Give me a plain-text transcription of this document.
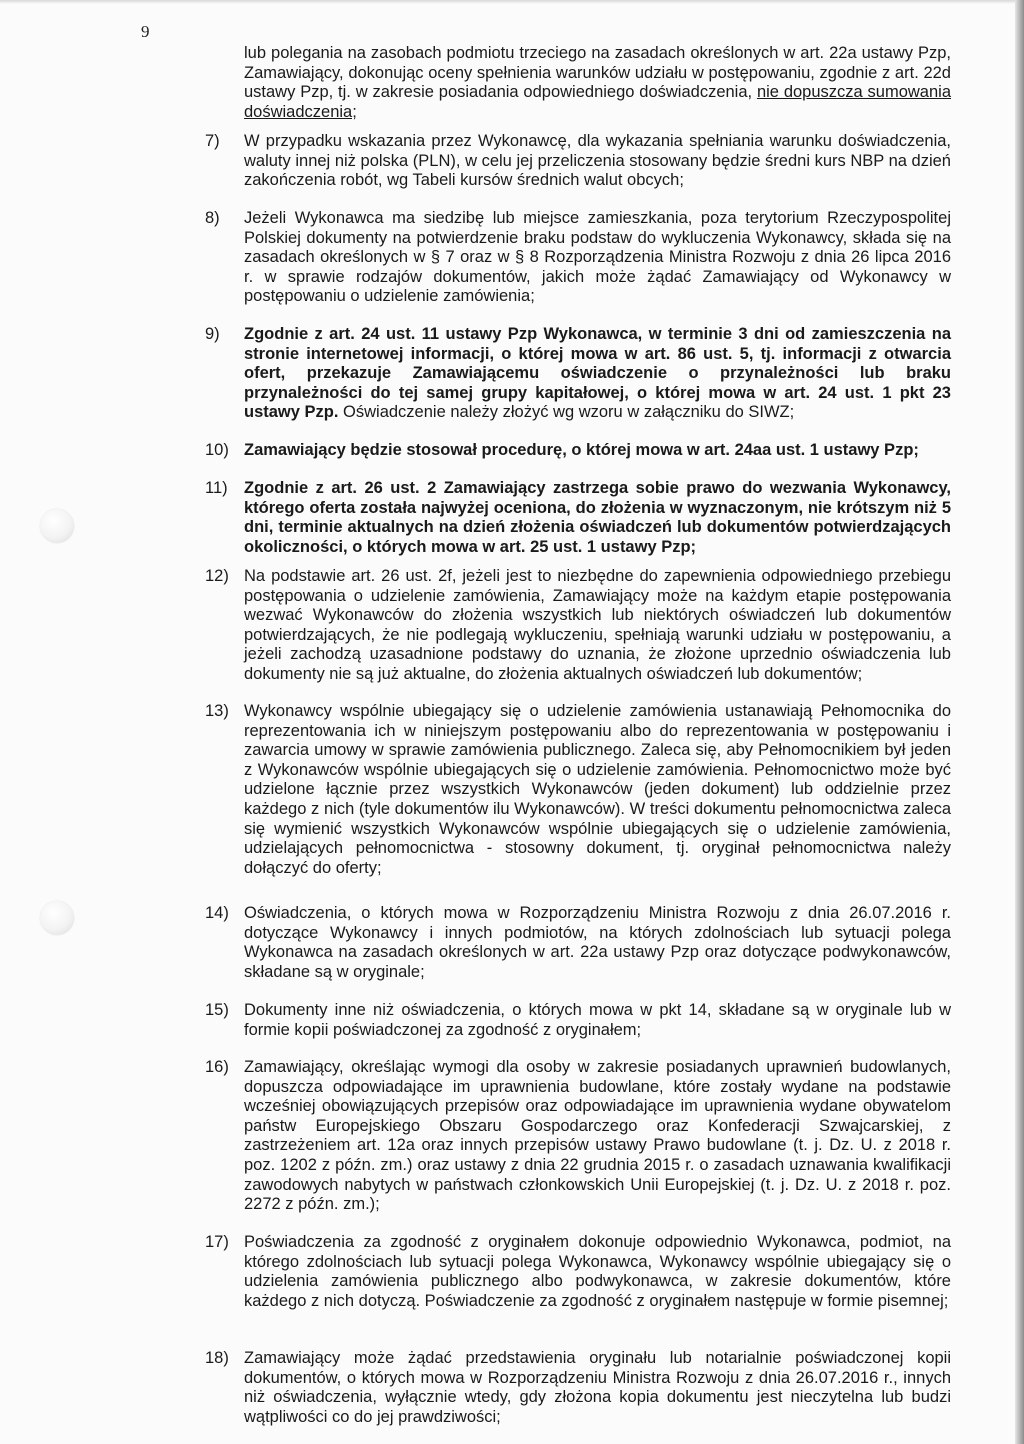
9
lub polegania na zasobach podmiotu trzeciego na zasadach określonych w art. 22a ustawy Pzp, Zamawiający, dokonując oceny spełnienia warunków udziału w postępowaniu, zgodnie z art. 22d ustawy Pzp, tj. w zakresie posiadania odpowiedniego doświadczenia, nie dopuszcza sumowania doświadczenia;
7)	W przypadku wskazania przez Wykonawcę, dla wykazania spełniania warunku doświadczenia, waluty innej niż polska (PLN), w celu jej przeliczenia stosowany będzie średni kurs NBP na dzień zakończenia robót, wg Tabeli kursów średnich walut obcych;
8)	Jeżeli Wykonawca ma siedzibę lub miejsce zamieszkania, poza terytorium Rzeczypospolitej Polskiej dokumenty na potwierdzenie braku podstaw do wykluczenia Wykonawcy, składa się na zasadach określonych w § 7 oraz w § 8 Rozporządzenia Ministra Rozwoju z dnia 26 lipca 2016 r. w sprawie rodzajów dokumentów, jakich może żądać Zamawiający od Wykonawcy w postępowaniu o udzielenie zamówienia;
9)	Zgodnie z art. 24 ust. 11 ustawy Pzp Wykonawca, w terminie 3 dni od zamieszczenia na stronie internetowej informacji, o której mowa w art. 86 ust. 5, tj. informacji z otwarcia ofert, przekazuje Zamawiającemu oświadczenie o przynależności lub braku przynależności do tej samej grupy kapitałowej, o której mowa w art. 24 ust. 1 pkt 23 ustawy Pzp. Oświadczenie należy złożyć wg wzoru w załączniku do SIWZ;
10) Zamawiający będzie stosował procedurę, o której mowa w art. 24aa ust. 1 ustawy Pzp;
11) Zgodnie z art. 26 ust. 2 Zamawiający zastrzega sobie prawo do wezwania Wykonawcy, którego oferta została najwyżej oceniona, do złożenia w wyznaczonym, nie krótszym niż 5 dni, terminie aktualnych na dzień złożenia oświadczeń lub dokumentów potwierdzających okoliczności, o których mowa w art. 25 ust. 1 ustawy Pzp;
12) Na podstawie art. 26 ust. 2f, jeżeli jest to niezbędne do zapewnienia odpowiedniego przebiegu postępowania o udzielenie zamówienia, Zamawiający może na każdym etapie postępowania wezwać Wykonawców do złożenia wszystkich lub niektórych oświadczeń lub dokumentów potwierdzających, że nie podlegają wykluczeniu, spełniają warunki udziału w postępowaniu, a jeżeli zachodzą uzasadnione podstawy do uznania, że złożone uprzednio oświadczenia lub dokumenty nie są już aktualne, do złożenia aktualnych oświadczeń lub dokumentów;
13) Wykonawcy wspólnie ubiegający się o udzielenie zamówienia ustanawiają Pełnomocnika do reprezentowania ich w niniejszym postępowaniu albo do reprezentowania w postępowaniu i zawarcia umowy w sprawie zamówienia publicznego. Zaleca się, aby Pełnomocnikiem był jeden z Wykonawców wspólnie ubiegających się o udzielenie zamówienia. Pełnomocnictwo może być udzielone łącznie przez wszystkich Wykonawców (jeden dokument) lub oddzielnie przez każdego z nich (tyle dokumentów ilu Wykonawców). W treści dokumentu pełnomocnictwa zaleca się wymienić wszystkich Wykonawców wspólnie ubiegających się o udzielenie zamówienia, udzielających pełnomocnictwa - stosowny dokument, tj. oryginał pełnomocnictwa należy dołączyć do oferty;
14) Oświadczenia, o których mowa w Rozporządzeniu Ministra Rozwoju z dnia 26.07.2016 r. dotyczące Wykonawcy i innych podmiotów, na których zdolnościach lub sytuacji polega Wykonawca na zasadach określonych w art. 22a ustawy Pzp oraz dotyczące podwykonawców, składane są w oryginale;
15) Dokumenty inne niż oświadczenia, o których mowa w pkt 14, składane są w oryginale lub w formie kopii poświadczonej za zgodność z oryginałem;
16) Zamawiający, określając wymogi dla osoby w zakresie posiadanych uprawnień budowlanych, dopuszcza odpowiadające im uprawnienia budowlane, które zostały wydane na podstawie wcześniej obowiązujących przepisów oraz odpowiadające im uprawnienia wydane obywatelom państw Europejskiego Obszaru Gospodarczego oraz Konfederacji Szwajcarskiej, z zastrzeżeniem art. 12a oraz innych przepisów ustawy Prawo budowlane (t. j. Dz. U. z 2018 r. poz. 1202 z późn. zm.) oraz ustawy z dnia 22 grudnia 2015 r. o zasadach uznawania kwalifikacji zawodowych nabytych w państwach członkowskich Unii Europejskiej (t. j. Dz. U. z 2018 r. poz. 2272 z późn. zm.);
17) Poświadczenia za zgodność z oryginałem dokonuje odpowiednio Wykonawca, podmiot, na którego zdolnościach lub sytuacji polega Wykonawca, Wykonawcy wspólnie ubiegający się o udzielenia zamówienia publicznego albo podwykonawca, w zakresie dokumentów, które każdego z nich dotyczą. Poświadczenie za zgodność z oryginałem następuje w formie pisemnej;
18) Zamawiający może żądać przedstawienia oryginału lub notarialnie poświadczonej kopii dokumentów, o których mowa w Rozporządzeniu Ministra Rozwoju z dnia 26.07.2016 r., innych niż oświadczenia, wyłącznie wtedy, gdy złożona kopia dokumentu jest nieczytelna lub budzi wątpliwości co do jej prawdziwości;
